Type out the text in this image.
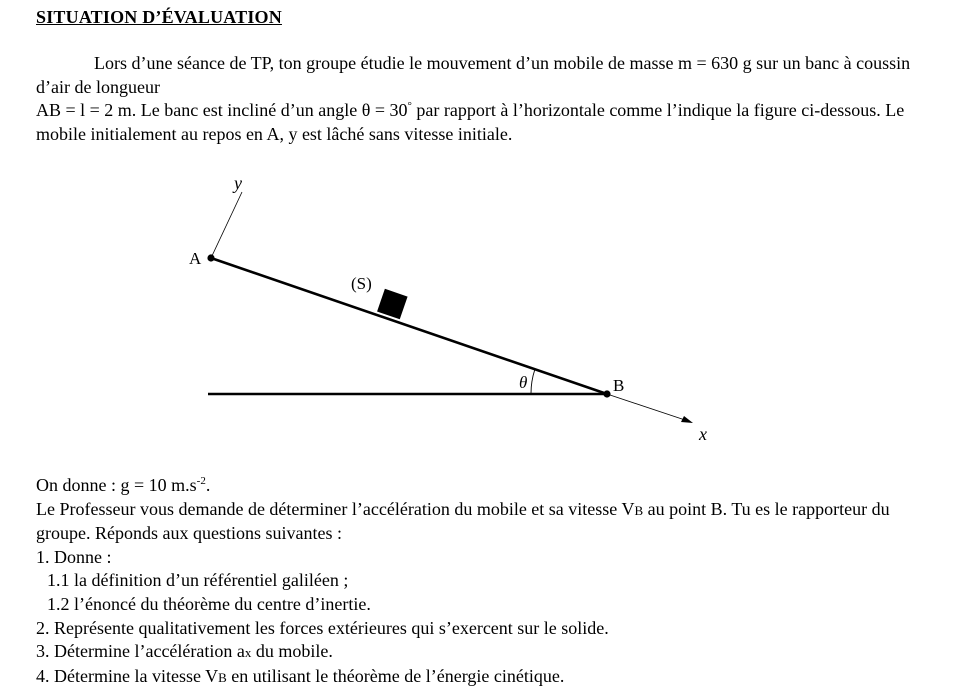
SITUATION D’ÉVALUATION
Lors d’une séance de TP, ton groupe étudie le mouvement d’un mobile de masse m = 630 g sur un banc à coussin d’air de longueur
AB = l = 2 m. Le banc est incliné d’un angle θ = 30° par rapport à l’horizontale comme l’indique la figure ci-dessous. Le mobile initialement au repos en A, y est lâché sans vitesse initiale.
y
x
A
B
(S)
θ
On donne : g = 10 $m.s^{-2}$.
Le Professeur vous demande de déterminer l’accélération du mobile et sa vitesse VB au point B. Tu es le rapporteur du groupe. Réponds aux questions suivantes :
1. Donne :
1.1 la définition d’un référentiel galiléen ;
1.2 l’énoncé du théorème du centre d’inertie.
2. Représente qualitativement les forces extérieures qui s’exercent sur le solide.
3. Détermine l’accélération ax du mobile.
4. Détermine la vitesse VB en utilisant le théorème de l’énergie cinétique.
